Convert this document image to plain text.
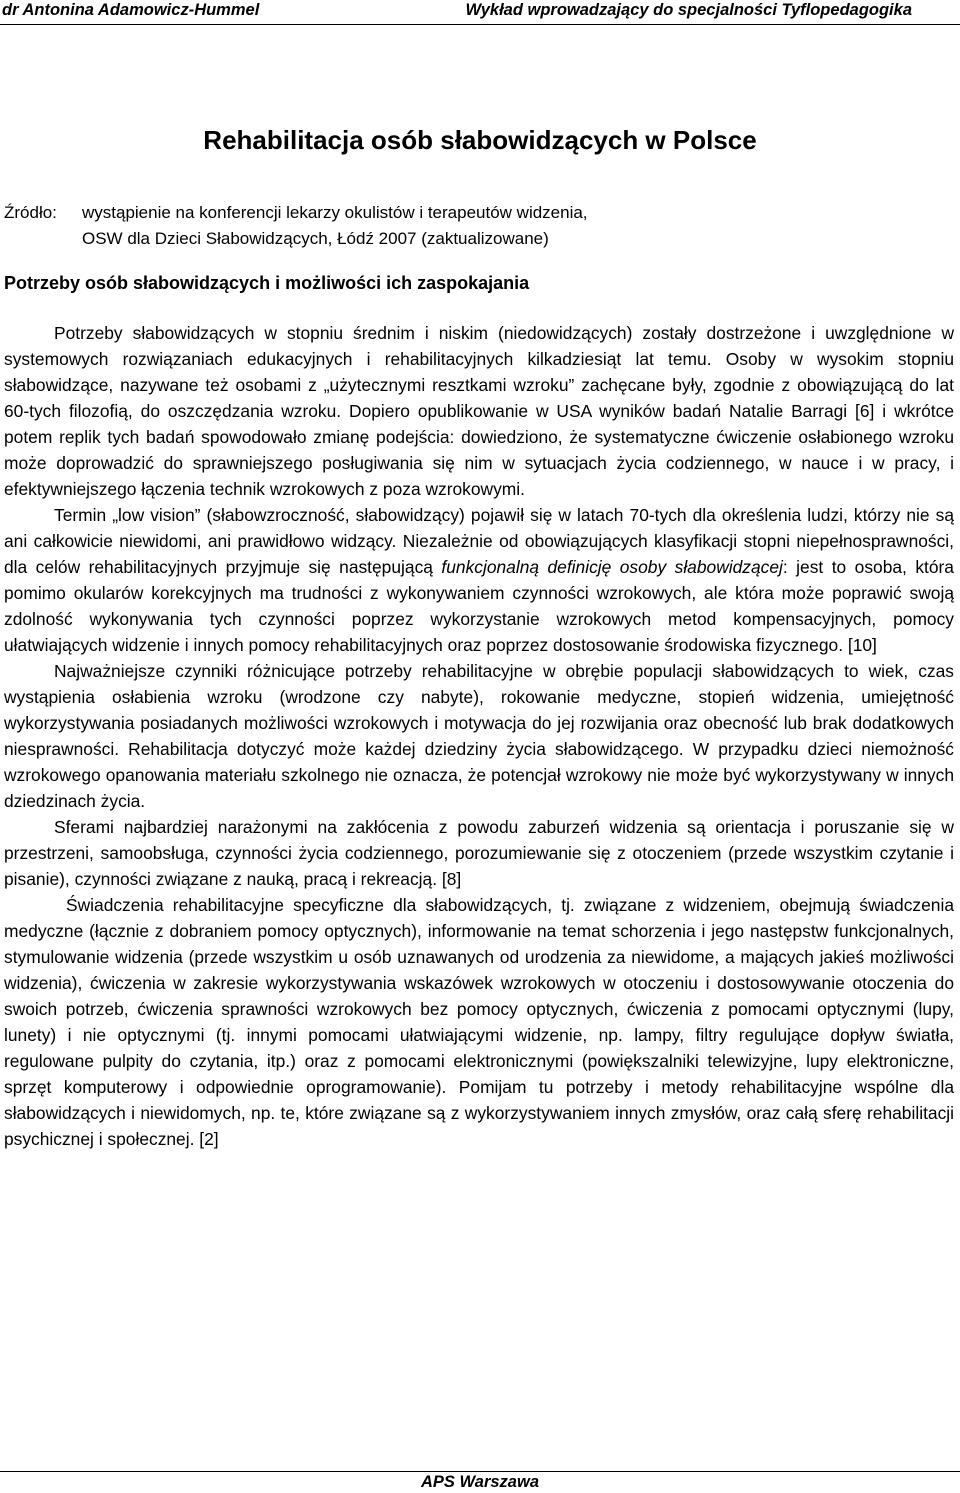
dr Antonina Adamowicz-Hummel	Wykład wprowadzający do specjalności Tyflopedagogika
Rehabilitacja osób słabowidzących w Polsce
Źródło: wystąpienie na konferencji lekarzy okulistów i terapeutów widzenia,
OSW dla Dzieci Słabowidzących, Łódź 2007 (zaktualizowane)
Potrzeby osób słabowidzących i możliwości ich zaspokajania

Potrzeby słabowidzących w stopniu średnim i niskim (niedowidzących) zostały dostrzeżone i uwzględnione w systemowych rozwiązaniach edukacyjnych i rehabilitacyjnych kilkadziesiąt lat temu. Osoby w wysokim stopniu słabowidzące, nazywane też osobami z „użytecznymi resztkami wzroku” zachęcane były, zgodnie z obowiązującą do lat 60-tych filozofią, do oszczędzania wzroku. Dopiero opublikowanie w USA wyników badań Natalie Barragi [6] i wkrótce potem replik tych badań spowodowało zmianę podejścia: dowiedziono, że systematyczne ćwiczenie osłabionego wzroku może doprowadzić do sprawniejszego posługiwania się nim w sytuacjach życia codziennego, w nauce i w pracy, i efektywniejszego łączenia technik wzrokowych z poza wzrokowymi.

Termin „low vision” (słabowzroczność, słabowidzący) pojawił się w latach 70-tych dla określenia ludzi, którzy nie są ani całkowicie niewidomi, ani prawidłowo widzący. Niezależnie od obowiązujących klasyfikacji stopni niepełnosprawności, dla celów rehabilitacyjnych przyjmuje się następującą funkcjonalną definicję osoby słabowidzącej: jest to osoba, która pomimo okularów korekcyjnych ma trudności z wykonywaniem czynności wzrokowych, ale która może poprawić swoją zdolność wykonywania tych czynności poprzez wykorzystanie wzrokowych metod kompensacyjnych, pomocy ułatwiających widzenie i innych pomocy rehabilitacyjnych oraz poprzez dostosowanie środowiska fizycznego. [10]

Najważniejsze czynniki różnicujące potrzeby rehabilitacyjne w obrębie populacji słabowidzących to wiek, czas wystąpienia osłabienia wzroku (wrodzone czy nabyte), rokowanie medyczne, stopień widzenia, umiejętność wykorzystywania posiadanych możliwości wzrokowych i motywacja do jej rozwijania oraz obecność lub brak dodatkowych niesprawności. Rehabilitacja dotyczyć może każdej dziedziny życia słabowidzącego. W przypadku dzieci niemożność wzrokowego opanowania materiału szkolnego nie oznacza, że potencjał wzrokowy nie może być wykorzystywany w innych dziedzinach życia.

Sferami najbardziej narażonymi na zakłócenia z powodu zaburzeń widzenia są orientacja i poruszanie się w przestrzeni, samoobsługa, czynności życia codziennego, porozumiewanie się z otoczeniem (przede wszystkim czytanie i pisanie), czynności związane z nauką, pracą i rekreacją. [8]

Świadczenia rehabilitacyjne specyficzne dla słabowidzących, tj. związane z widzeniem, obejmują świadczenia medyczne (łącznie z dobraniem pomocy optycznych), informowanie na temat schorzenia i jego następstw funkcjonalnych, stymulowanie widzenia (przede wszystkim u osób uznawanych od urodzenia za niewidome, a mających jakieś możliwości widzenia), ćwiczenia w zakresie wykorzystywania wskazówek wzrokowych w otoczeniu i dostosowywanie otoczenia do swoich potrzeb, ćwiczenia sprawności wzrokowych bez pomocy optycznych, ćwiczenia z pomocami optycznymi (lupy, lunety) i nie optycznymi (tj. innymi pomocami ułatwiającymi widzenie, np. lampy, filtry regulujące dopływ światła, regulowane pulpity do czytania, itp.) oraz z pomocami elektronicznymi (powiększalniki telewizyjne, lupy elektroniczne, sprzęt komputerowy i odpowiednie oprogramowanie). Pomijam tu potrzeby i metody rehabilitacyjne wspólne dla słabowidzących i niewidomych, np. te, które związane są z wykorzystywaniem innych zmysłów, oraz całą sferę rehabilitacji psychicznej i społecznej. [2]

APS Warszawa
